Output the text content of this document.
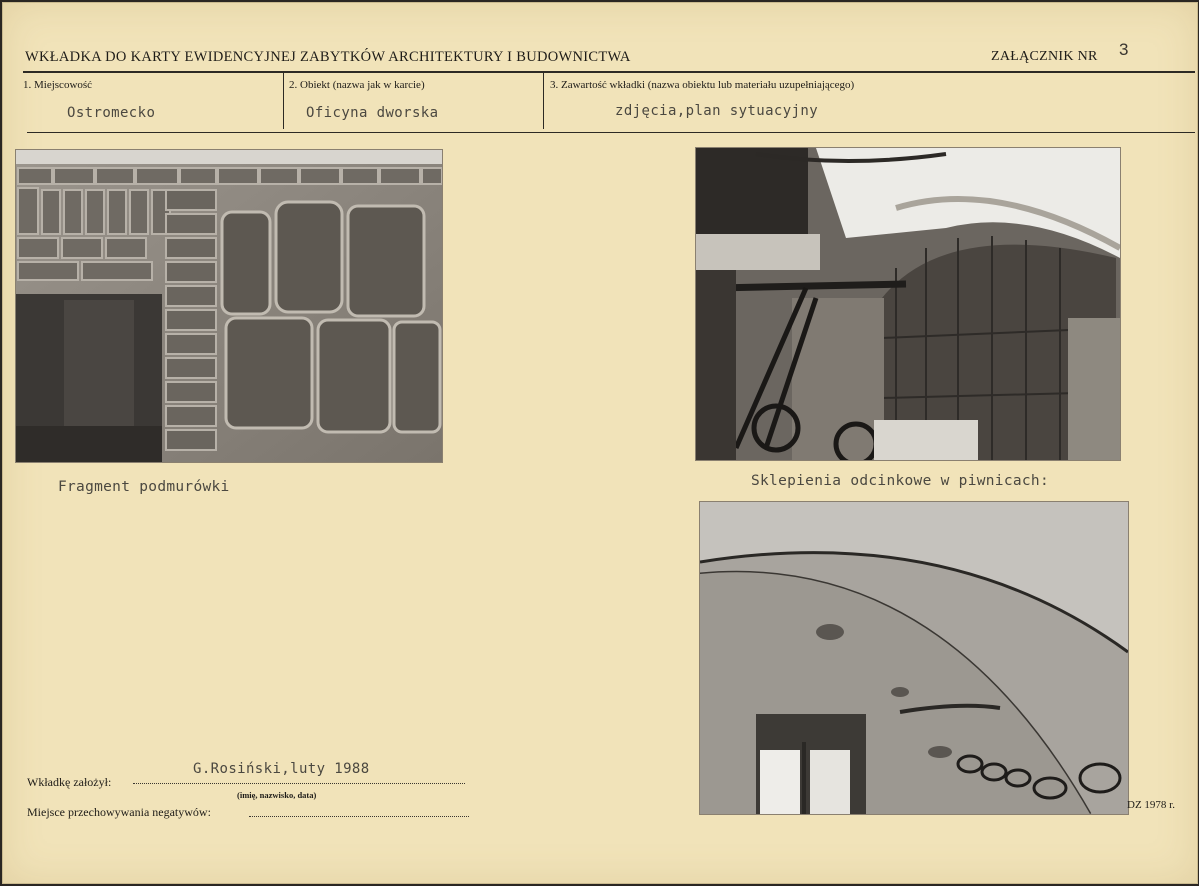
WKŁADKA DO KARTY EWIDENCYJNEJ ZABYTKÓW ARCHITEKTURY I BUDOWNICTWA	ZAŁĄCZNIK NR 3
1. Miejscowość
Ostromecko
2. Obiekt (nazwa jak w karcie)
Oficyna dworska
3. Zawartość wkładki (nazwa obiektu lub materiału uzupełniającego)
zdjęcia,plan sytuacyjny
Fragment podmurówki	Sklepienia odcinkowe w piwnicach:
Wkładkę założył:
G.Rosiński,luty 1988
(imię, nazwisko, data)
Miejsce przechowywania negatywów:	DZ 1978 r.
